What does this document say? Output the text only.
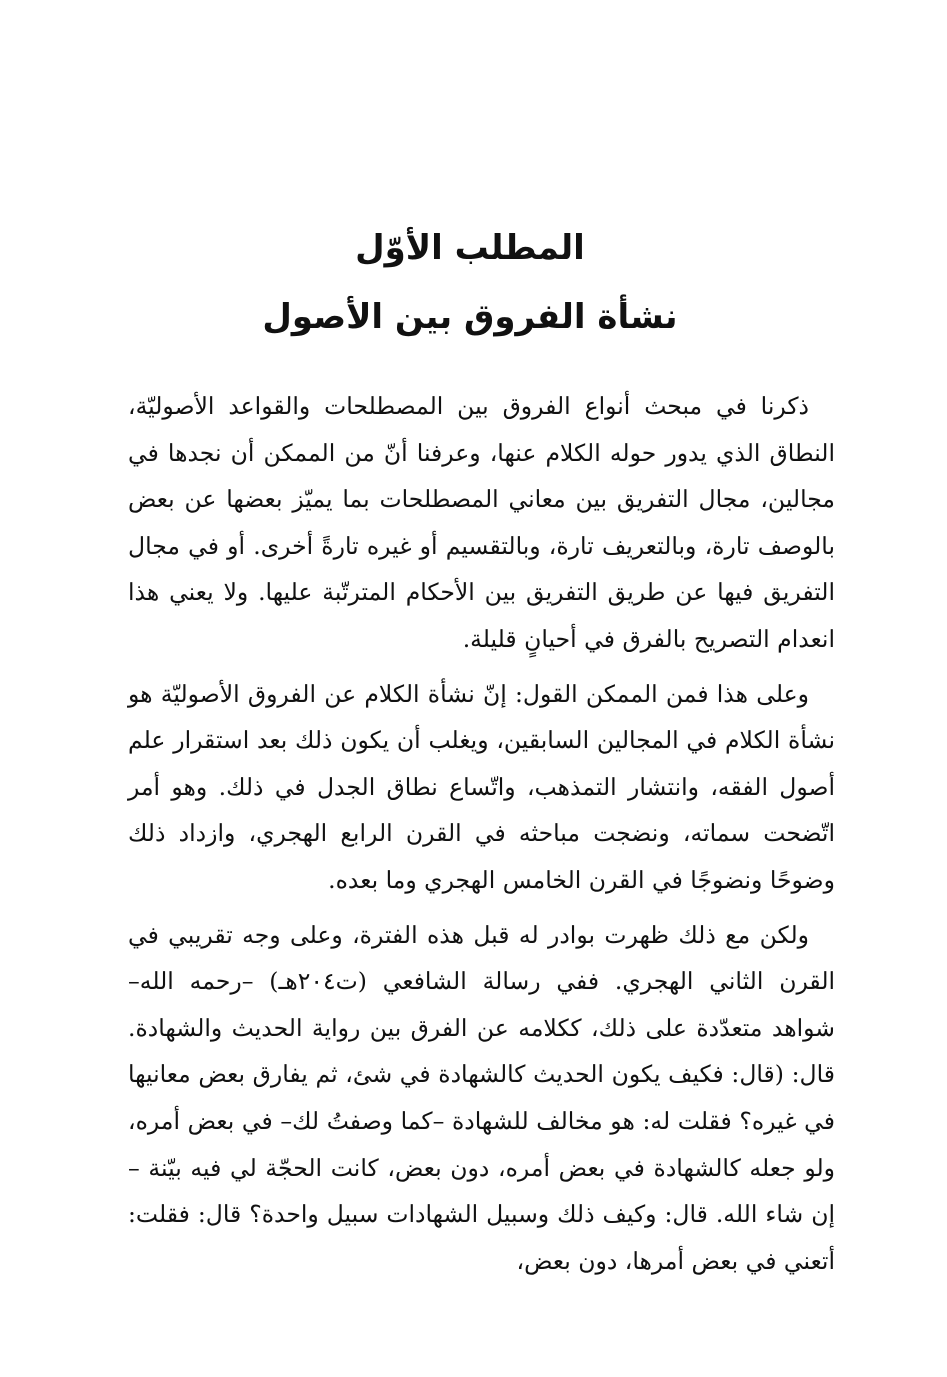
المطلب الأوّل
نشأة الفروق بين الأصول

ذكرنا في مبحث أنواع الفروق بين المصطلحات والقواعد الأصوليّة، النطاق الذي يدور حوله الكلام عنها، وعرفنا أنّ من الممكن أن نجدها في مجالين، مجال التفريق بين معاني المصطلحات بما يميّز بعضها عن بعض بالوصف تارة، وبالتعريف تارة، وبالتقسيم أو غيره تارةً أخرى. أو في مجال التفريق فيها عن طريق التفريق بين الأحكام المترتّبة عليها. ولا يعني هذا انعدام التصريح بالفرق في أحيانٍ قليلة.

وعلى هذا فمن الممكن القول: إنّ نشأة الكلام عن الفروق الأصوليّة هو نشأة الكلام في المجالين السابقين، ويغلب أن يكون ذلك بعد استقرار علم أصول الفقه، وانتشار التمذهب، واتّساع نطاق الجدل في ذلك. وهو أمر اتّضحت سماته، ونضجت مباحثه في القرن الرابع الهجري، وازداد ذلك وضوحًا ونضوجًا في القرن الخامس الهجري وما بعده.

ولكن مع ذلك ظهرت بوادر له قبل هذه الفترة، وعلى وجه تقريبي في القرن الثاني الهجري. ففي رسالة الشافعي (ت٢٠٤هـ) –رحمه الله– شواهد متعدّدة على ذلك، ككلامه عن الفرق بين رواية الحديث والشهادة. قال: (قال: فكيف يكون الحديث كالشهادة في شئ، ثم يفارق بعض معانيها في غيره؟ فقلت له: هو مخالف للشهادة –كما وصفتُ لك– في بعض أمره، ولو جعله كالشهادة في بعض أمره، دون بعض، كانت الحجّة لي فيه بيّنة –إن شاء الله. قال: وكيف ذلك وسبيل الشهادات سبيل واحدة؟ قال: فقلت: أتعني في بعض أمرها، دون بعض،
